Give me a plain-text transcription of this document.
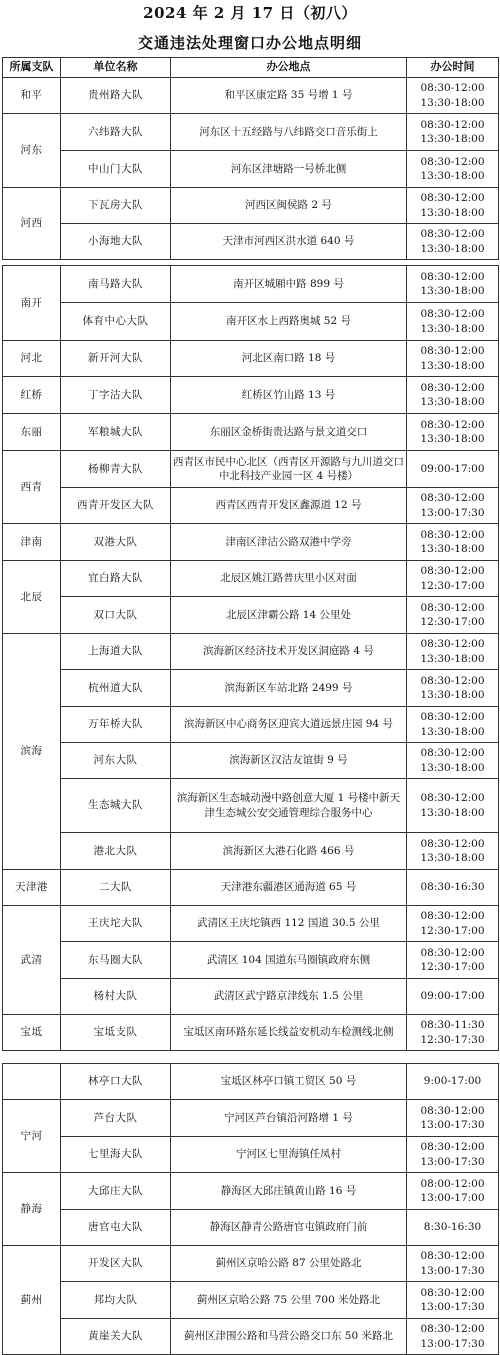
2024 年 2 月 17 日（初八）
交通违法处理窗口办公地点明细
所属支队	单位名称	办公地点	办公时间
和平	贵州路大队	和平区康定路 35 号增 1 号	08:30-12:00
13:30-18:00
河东	六纬路大队	河东区十五经路与八纬路交口音乐街上	08:30-12:00
13:30-18:00
	中山门大队	河东区津塘路一号桥北侧	08:30-12:00
13:30-18:00
河西	下瓦房大队	河西区闽侯路 2 号	08:30-12:00
13:30-18:00
	小海地大队	天津市河西区洪水道 640 号	08:30-12:00
13:30-18:00
南开	南马路大队	南开区城厢中路 899 号	08:30-12:00
13:30-18:00
	体育中心大队	南开区水上西路奥城 52 号	08:30-12:00
13:30-18:00
河北	新开河大队	河北区南口路 18 号	08:30-12:00
13:30-18:00
红桥	丁字沽大队	红桥区竹山路 13 号	08:30-12:00
13:30-18:00
东丽	军粮城大队	东丽区金桥街贵达路与景文道交口	08:30-12:00
13:30-18:00
西青	杨柳青大队	西青区市民中心北区（西青区开源路与九川道交口中北科技产业园一区 4 号楼）	09:00-17:00
	西青开发区大队	西青区西青开发区鑫源道 12 号	08:30-12:00
13:00-17:30
津南	双港大队	津南区津沽公路双港中学旁	08:30-12:00
13:30-18:00
北辰	宜白路大队	北辰区姚江路普庆里小区对面	08:30-12:00
12:30-17:00
	双口大队	北辰区津霸公路 14 公里处	08:30-12:00
12:30-17:00
滨海	上海道大队	滨海新区经济技术开发区洞庭路 4 号	08:30-12:00
13:30-18:00
	杭州道大队	滨海新区车站北路 2499 号	08:30-12:00
13:30-18:00
	万年桥大队	滨海新区中心商务区迎宾大道远景庄园 94 号	08:30-12:00
13:30-18:00
	河东大队	滨海新区汉沽友谊街 9 号	08:30-12:00
13:30-18:00
	生态城大队	滨海新区生态城动漫中路创意大厦 1 号楼中新天津生态城公安交通管理综合服务中心	08:30-12:00
13:30-18:00
	港北大队	滨海新区大港石化路 466 号	08:30-12:00
13:30-18:00
天津港	二大队	天津港东疆港区通海道 65 号	08:30-16:30
武清	王庆坨大队	武清区王庆坨镇西 112 国道 30.5 公里	08:30-12:00
12:30-17:00
	东马圈大队	武清区 104 国道东马圈镇政府东侧	08:30-12:00
12:30-17:00
	杨村大队	武清区武宁路京津线东 1.5 公里	09:00-17:00
宝坻	宝坻支队	宝坻区南环路东延长线益安机动车检测线北侧	08:30-11:30
12:30-17:30
	林亭口大队	宝坻区林亭口镇工贸区 50 号	9:00-17:00
宁河	芦台大队	宁河区芦台镇沿河路增 1 号	08:30-12:00
13:00-17:30
	七里海大队	宁河区七里海镇任凤村	08:30-12:00
13:00-17:30
静海	大邱庄大队	静海区大邱庄镇黄山路 16 号	08:00-12:00
13:00-17:00
	唐官屯大队	静海区静青公路唐官屯镇政府门前	8:30-16:30
蓟州	开发区大队	蓟州区京哈公路 87 公里处路北	08:30-12:00
13:00-17:30
	邦均大队	蓟州区京哈公路 75 公里 700 米处路北	08:30-12:00
13:00-17:30
	黄崖关大队	蓟州区津围公路和马营公路交口东 50 米路北	08:30-12:00
13:00-17:30
